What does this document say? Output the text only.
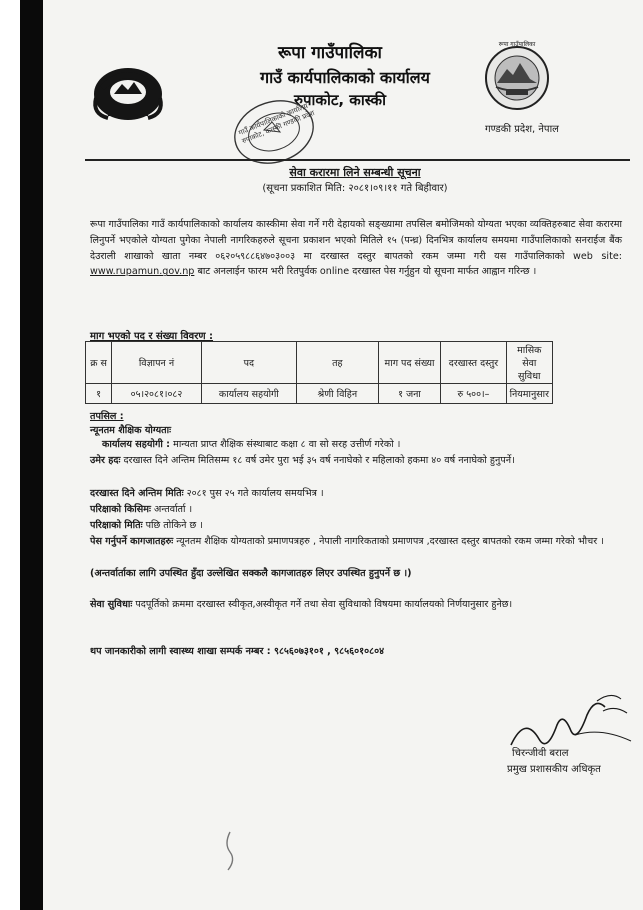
रूपा गाउँपालिका
रूपा गाउँपालिका
गाउँ कार्यपालिकाको कार्यालय
रुपाकोट, कास्की
गण्डकी प्रदेश, नेपाल
गाउँ कार्यपालिकाको कार्यालय रुपाकोट, कास्की गण्डकी प्रदेश
सेवा करारमा लिने सम्बन्धी सूचना
(सूचना प्रकाशित मिति: २०८१।०९।११ गते बिहीवार)
रूपा गाउँपालिका गाउँ कार्यपालिकाको कार्यालय कास्कीमा सेवा गर्ने गरी देहायको सङ्ख्यामा तपसिल बमोजिमको योग्यता भएका व्यक्तिहरुबाट सेवा करारमा लिनुपर्ने भएकोले योग्यता पुगेका नेपाली नागरिकहरुले सूचना प्रकाशन भएको मितिले १५ (पन्ध्र) दिनभित्र कार्यालय समयमा गाउँपालिकाको सनराईज बैंक देउराली शाखाको खाता नम्बर ०६२०५९८८६४७०३००३ मा दरखास्त दस्तुर बापतको रकम जम्मा गरी यस गाउँपालिकाको web site: www.rupamun.gov.np बाट अनलाईन फारम भरी रितपुर्वक online दरखास्त पेस गर्नुहुन यो सूचना मार्फत आह्वान गरिन्छ ।
माग भएको पद र संख्या विवरण :
क्र स	विज्ञापन नं	पद	तह	माग पद संख्या	दरखास्त दस्तुर	मासिक सेवा सुविधा
१	०५।२०८१।०८२	कार्यालय सहयोगी	श्रेणी विहिन	१ जना	रु ५००।–	नियमानुसार
तपसिल :
न्यूनतम शैक्षिक योग्यताः
कार्यालय सहयोगी : मान्यता प्राप्त शैक्षिक संस्थाबाट कक्षा ८ वा सो सरह उत्तीर्ण गरेको ।
उमेर हदः दरखास्त दिने अन्तिम मितिसम्म १८ वर्ष उमेर पुरा भई ३५ वर्ष ननाघेको र महिलाको हकमा ४० वर्ष ननाघेको हुनुपर्ने।
दरखास्त दिने अन्तिम मितिः २०८१ पुस २५ गते कार्यालय समयभित्र ।
परिक्षाको किसिमः अन्तर्वार्ता ।
परिक्षाको मितिः पछि तोकिने छ ।
पेस गर्नुपर्ने कागजातहरुः न्यूनतम शैक्षिक योग्यताको प्रमाणपत्रहरु , नेपाली नागरिकताको प्रमाणपत्र ,दरखास्त दस्तुर बापतको रकम जम्मा गरेको भौचर ।
(अन्तर्वार्ताका लागि उपस्थित हुँदा उल्लेखित सक्कलै कागजातहरु लिएर उपस्थित हुनुपर्ने छ ।)
सेवा सुविधाः पदपूर्तिको क्रममा दरखास्त स्वीकृत,अस्वीकृत गर्ने तथा सेवा सुविधाको विषयमा कार्यालयको निर्णयानुसार हुनेछ।
थप जानकारीको लागी स्वास्थ्य शाखा सम्पर्क नम्बर : ९८५६०७३१०१ , ९८५६०१०८०४
चिरन्जीवी बराल
प्रमुख प्रशासकीय अधिकृत
